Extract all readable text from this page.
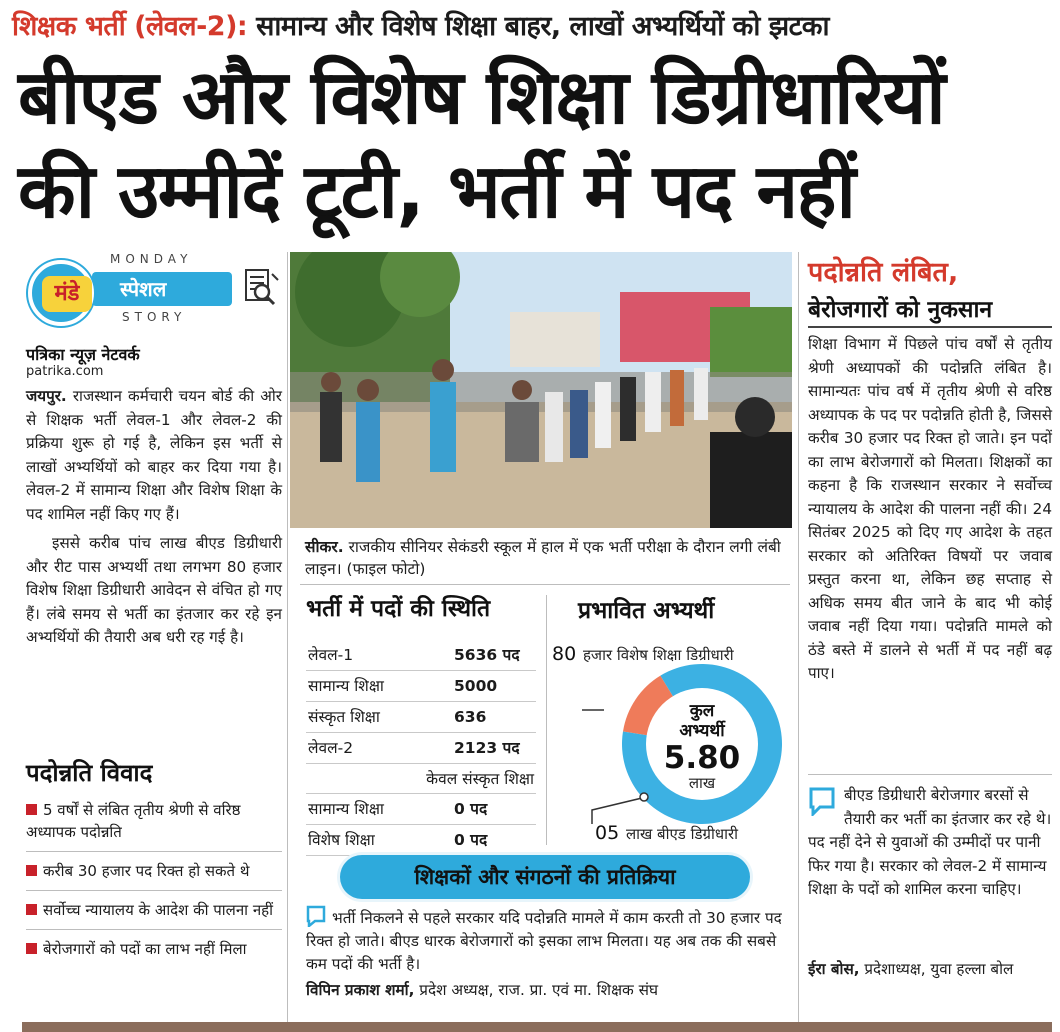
शिक्षक भर्ती (लेवल-2): सामान्य और विशेष शिक्षा बाहर, लाखों अभ्यर्थियों को झटका
बीएड और विशेष शिक्षा डिग्रीधारियों
की उम्मीदें टूटी, भर्ती में पद नहीं
MONDAY
स्पेशल
मंडे
STORY
पत्रिका न्यूज़ नेटवर्क
patrika.com

जयपुर. राजस्थान कर्मचारी चयन बोर्ड की ओर से शिक्षक भर्ती लेवल-1 और लेवल-2 की प्रक्रिया शुरू हो गई है, लेकिन इस भर्ती से लाखों अभ्यर्थियों को बाहर कर दिया गया है। लेवल-2 में सामान्य शिक्षा और विशेष शिक्षा के पद शामिल नहीं किए गए हैं।

इससे करीब पांच लाख बीएड डिग्रीधारी और रीट पास अभ्यर्थी तथा लगभग 80 हजार विशेष शिक्षा डिग्रीधारी आवेदन से वंचित हो गए हैं। लंबे समय से भर्ती का इंतजार कर रहे इन अभ्यर्थियों की तैयारी अब धरी रह गई है।

पदोन्नति विवाद
5 वर्षों से लंबित तृतीय श्रेणी से वरिष्ठ अध्यापक पदोन्नति
करीब 30 हजार पद रिक्त हो सकते थे
सर्वोच्च न्यायालय के आदेश की पालना नहीं
बेरोजगारों को पदों का लाभ नहीं मिला
सीकर. राजकीय सीनियर सेकंडरी स्कूल में हाल में एक भर्ती परीक्षा के दौरान लगी लंबी लाइन। (फाइल फोटो)
भर्ती में पदों की स्थिति
लेवल-1	5636 पद
सामान्य शिक्षा	5000
संस्कृत शिक्षा	636
लेवल-2	2123 पद
केवल संस्कृत शिक्षा
सामान्य शिक्षा	0 पद
विशेष शिक्षा	0 पद
प्रभावित अभ्यर्थी
80 हजार विशेष शिक्षा डिग्रीधारी
कुल
अभ्यर्थी
5.80
लाख
05 लाख बीएड डिग्रीधारी
शिक्षकों और संगठनों की प्रतिक्रिया
भर्ती निकलने से पहले सरकार यदि पदोन्नति मामले में काम करती तो 30 हजार पद रिक्त हो जाते। बीएड धारक बेरोजगारों को इसका लाभ मिलता। यह अब तक की सबसे कम पदों की भर्ती है।
विपिन प्रकाश शर्मा, प्रदेश अध्यक्ष, राज. प्रा. एवं मा. शिक्षक संघ
पदोन्नति लंबित,
बेरोजगारों को नुकसान
शिक्षा विभाग में पिछले पांच वर्षों से तृतीय श्रेणी अध्यापकों की पदोन्नति लंबित है। सामान्यतः पांच वर्ष में तृतीय श्रेणी से वरिष्ठ अध्यापक के पद पर पदोन्नति होती है, जिससे करीब 30 हजार पद रिक्त हो जाते। इन पदों का लाभ बेरोजगारों को मिलता। शिक्षकों का कहना है कि राजस्थान सरकार ने सर्वोच्च न्यायालय के आदेश की पालना नहीं की। 24 सितंबर 2025 को दिए गए आदेश के तहत सरकार को अतिरिक्त विषयों पर जवाब प्रस्तुत करना था, लेकिन छह सप्ताह से अधिक समय बीत जाने के बाद भी कोई जवाब नहीं दिया गया। पदोन्नति मामले को ठंडे बस्ते में डालने से भर्ती में पद नहीं बढ़ पाए।
बीएड डिग्रीधारी बेरोजगार बरसों से तैयारी कर भर्ती का इंतजार कर रहे थे। पद नहीं देने से युवाओं की उम्मीदों पर पानी फिर गया है। सरकार को लेवल-2 में सामान्य शिक्षा के पदों को शामिल करना चाहिए।
ईरा बोस, प्रदेशाध्यक्ष, युवा हल्ला बोल
